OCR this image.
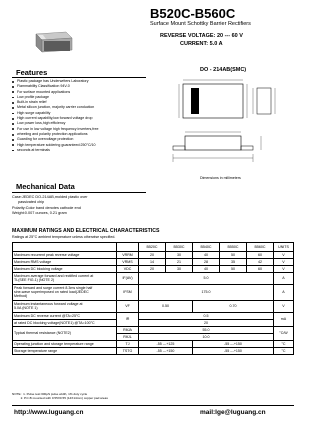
B520C-B560C
Surface Mount Schottky Barrier Rectifiers
REVERSE VOLTAGE: 20 --- 60 V
CURRENT: 5.0 A
Features
Plastic package has Underwriters Laboratory
Flammability Classification 94V-0
For surface mounted applications
Low profile package
Built-in strain relief
Metal silicon junction, majority carrier conduction
High surge capability
High current capability,low forward voltage drop
Low power loss,high efficiency
For use in low voltage high frequency inverters,free
wheeling and polarity protection applications
Guarding for overvoltage protection
High temperature soldering guaranteed:250°C/10
seconds at terminals
DO - 214AB(SMC)
Dimensions in millimeters
Mechanical Data
Case:JEDEC DO-214AB,molded plastic over
passivated chip
Polarity:Color band denotes cathode end
Weight:0.007 ounces, 0.21 gram
MAXIMUM RATINGS AND ELECTRICAL CHARACTERISTICS
Ratings at 25°C ambient temperature unless otherwise specified.
		B520C	B530C	B540C	B550C	B560C	UNITS
Maximum recurrent peak reverse voltage	VRRM	20	30	40	50	60	V
Maximum RMS voltage	VRMS	14	21	28	35	42	V
Maximum DC blocking voltage	VDC	20	30	40	50	60	V

Maximum average forward and rectified current at
TL(SEE FIG.1) (NOTE 2)	IF(AV)	5.0					A

Peak forward and surge current 8.3ms single half
sine-wave superimposed on rated load(JEDEC
Method)	IFSM	175.0					A

Maximum instantaneous forward voltage at
5.0A (NOTE 1)	VF	0.50		0.70			V
Maximum DC reverse current @TA=25°C	IR	0.5					mA
at rated DC blocking voltage(NOTE1) @TA=100°C		20					
Typical thermal resistance (NOTE2)	RθJA	55.0					°C/W
	RθJL	10.0					
Operating junction and storage temperature range	TJ	-55 ---+125		-55 ---+150			°C
Storage temperature range	TSTG	-55 ---+150		-55 ---+150			°C
NOTE:  1. Pulse test:300μS pulse width, 1% duty cycle
2. P.C.B mounted with 0.55X0.55 (14X14mm) copper pad areas
http://www.luguang.cn	mail:lge@luguang.cn
